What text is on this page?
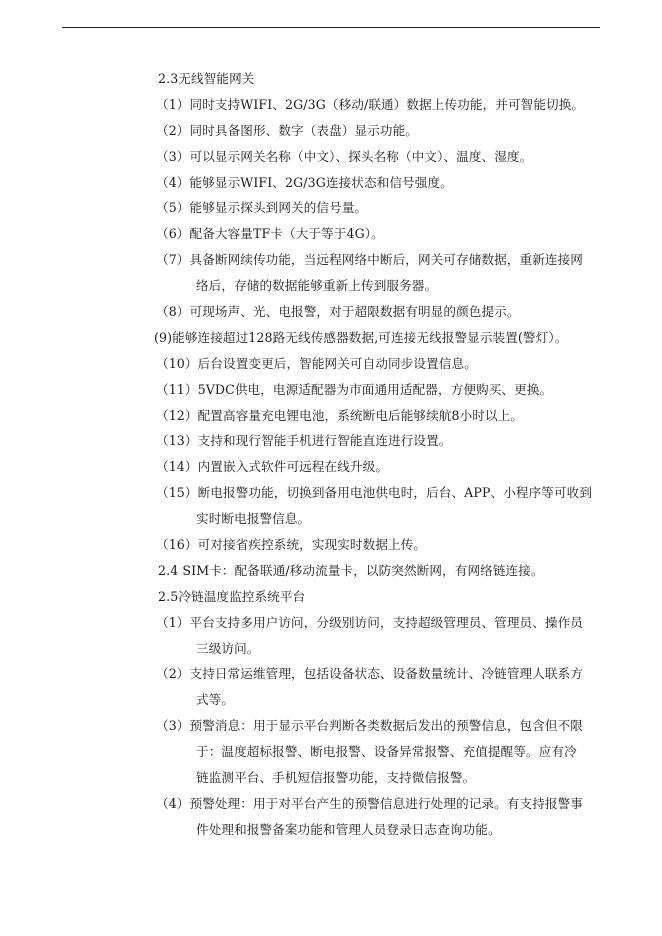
2.3无线智能网关
（1）同时支持WIFI、2G/3G（移动/联通）数据上传功能，并可智能切换。
（2）同时具备图形、数字（表盘）显示功能。
（3）可以显示网关名称（中文）、探头名称（中文）、温度、湿度。
（4）能够显示WIFI、2G/3G连接状态和信号强度。
（5）能够显示探头到网关的信号量。
（6）配备大容量TF卡（大于等于4G）。
（7）具备断网续传功能，当远程网络中断后，网关可存储数据，重新连接网
络后，存储的数据能够重新上传到服务器。
（8）可现场声、光、电报警，对于超限数据有明显的颜色提示。
(9)能够连接超过128路无线传感器数据,可连接无线报警显示装置(警灯）。
（10）后台设置变更后，智能网关可自动同步设置信息。
（11）5VDC供电，电源适配器为市面通用适配器，方便购买、更换。
（12）配置高容量充电锂电池，系统断电后能够续航8小时以上。
（13）支持和现行智能手机进行智能直连进行设置。
（14）内置嵌入式软件可远程在线升级。
（15）断电报警功能，切换到备用电池供电时，后台、APP、小程序等可收到
实时断电报警信息。
（16）可对接省疾控系统，实现实时数据上传。
2.4 SIM卡：配备联通/移动流量卡，以防突然断网，有网络链连接。
2.5冷链温度监控系统平台
（1）平台支持多用户访问，分级别访问，支持超级管理员、管理员、操作员
三级访问。
（2）支持日常运维管理，包括设备状态、设备数量统计、冷链管理人联系方
式等。
（3）预警消息：用于显示平台判断各类数据后发出的预警信息，包含但不限
于：温度超标报警、断电报警、设备异常报警、充值提醒等。应有冷
链监测平台、手机短信报警功能，支持微信报警。
（4）预警处理：用于对平台产生的预警信息进行处理的记录。有支持报警事
件处理和报警备案功能和管理人员登录日志查询功能。
